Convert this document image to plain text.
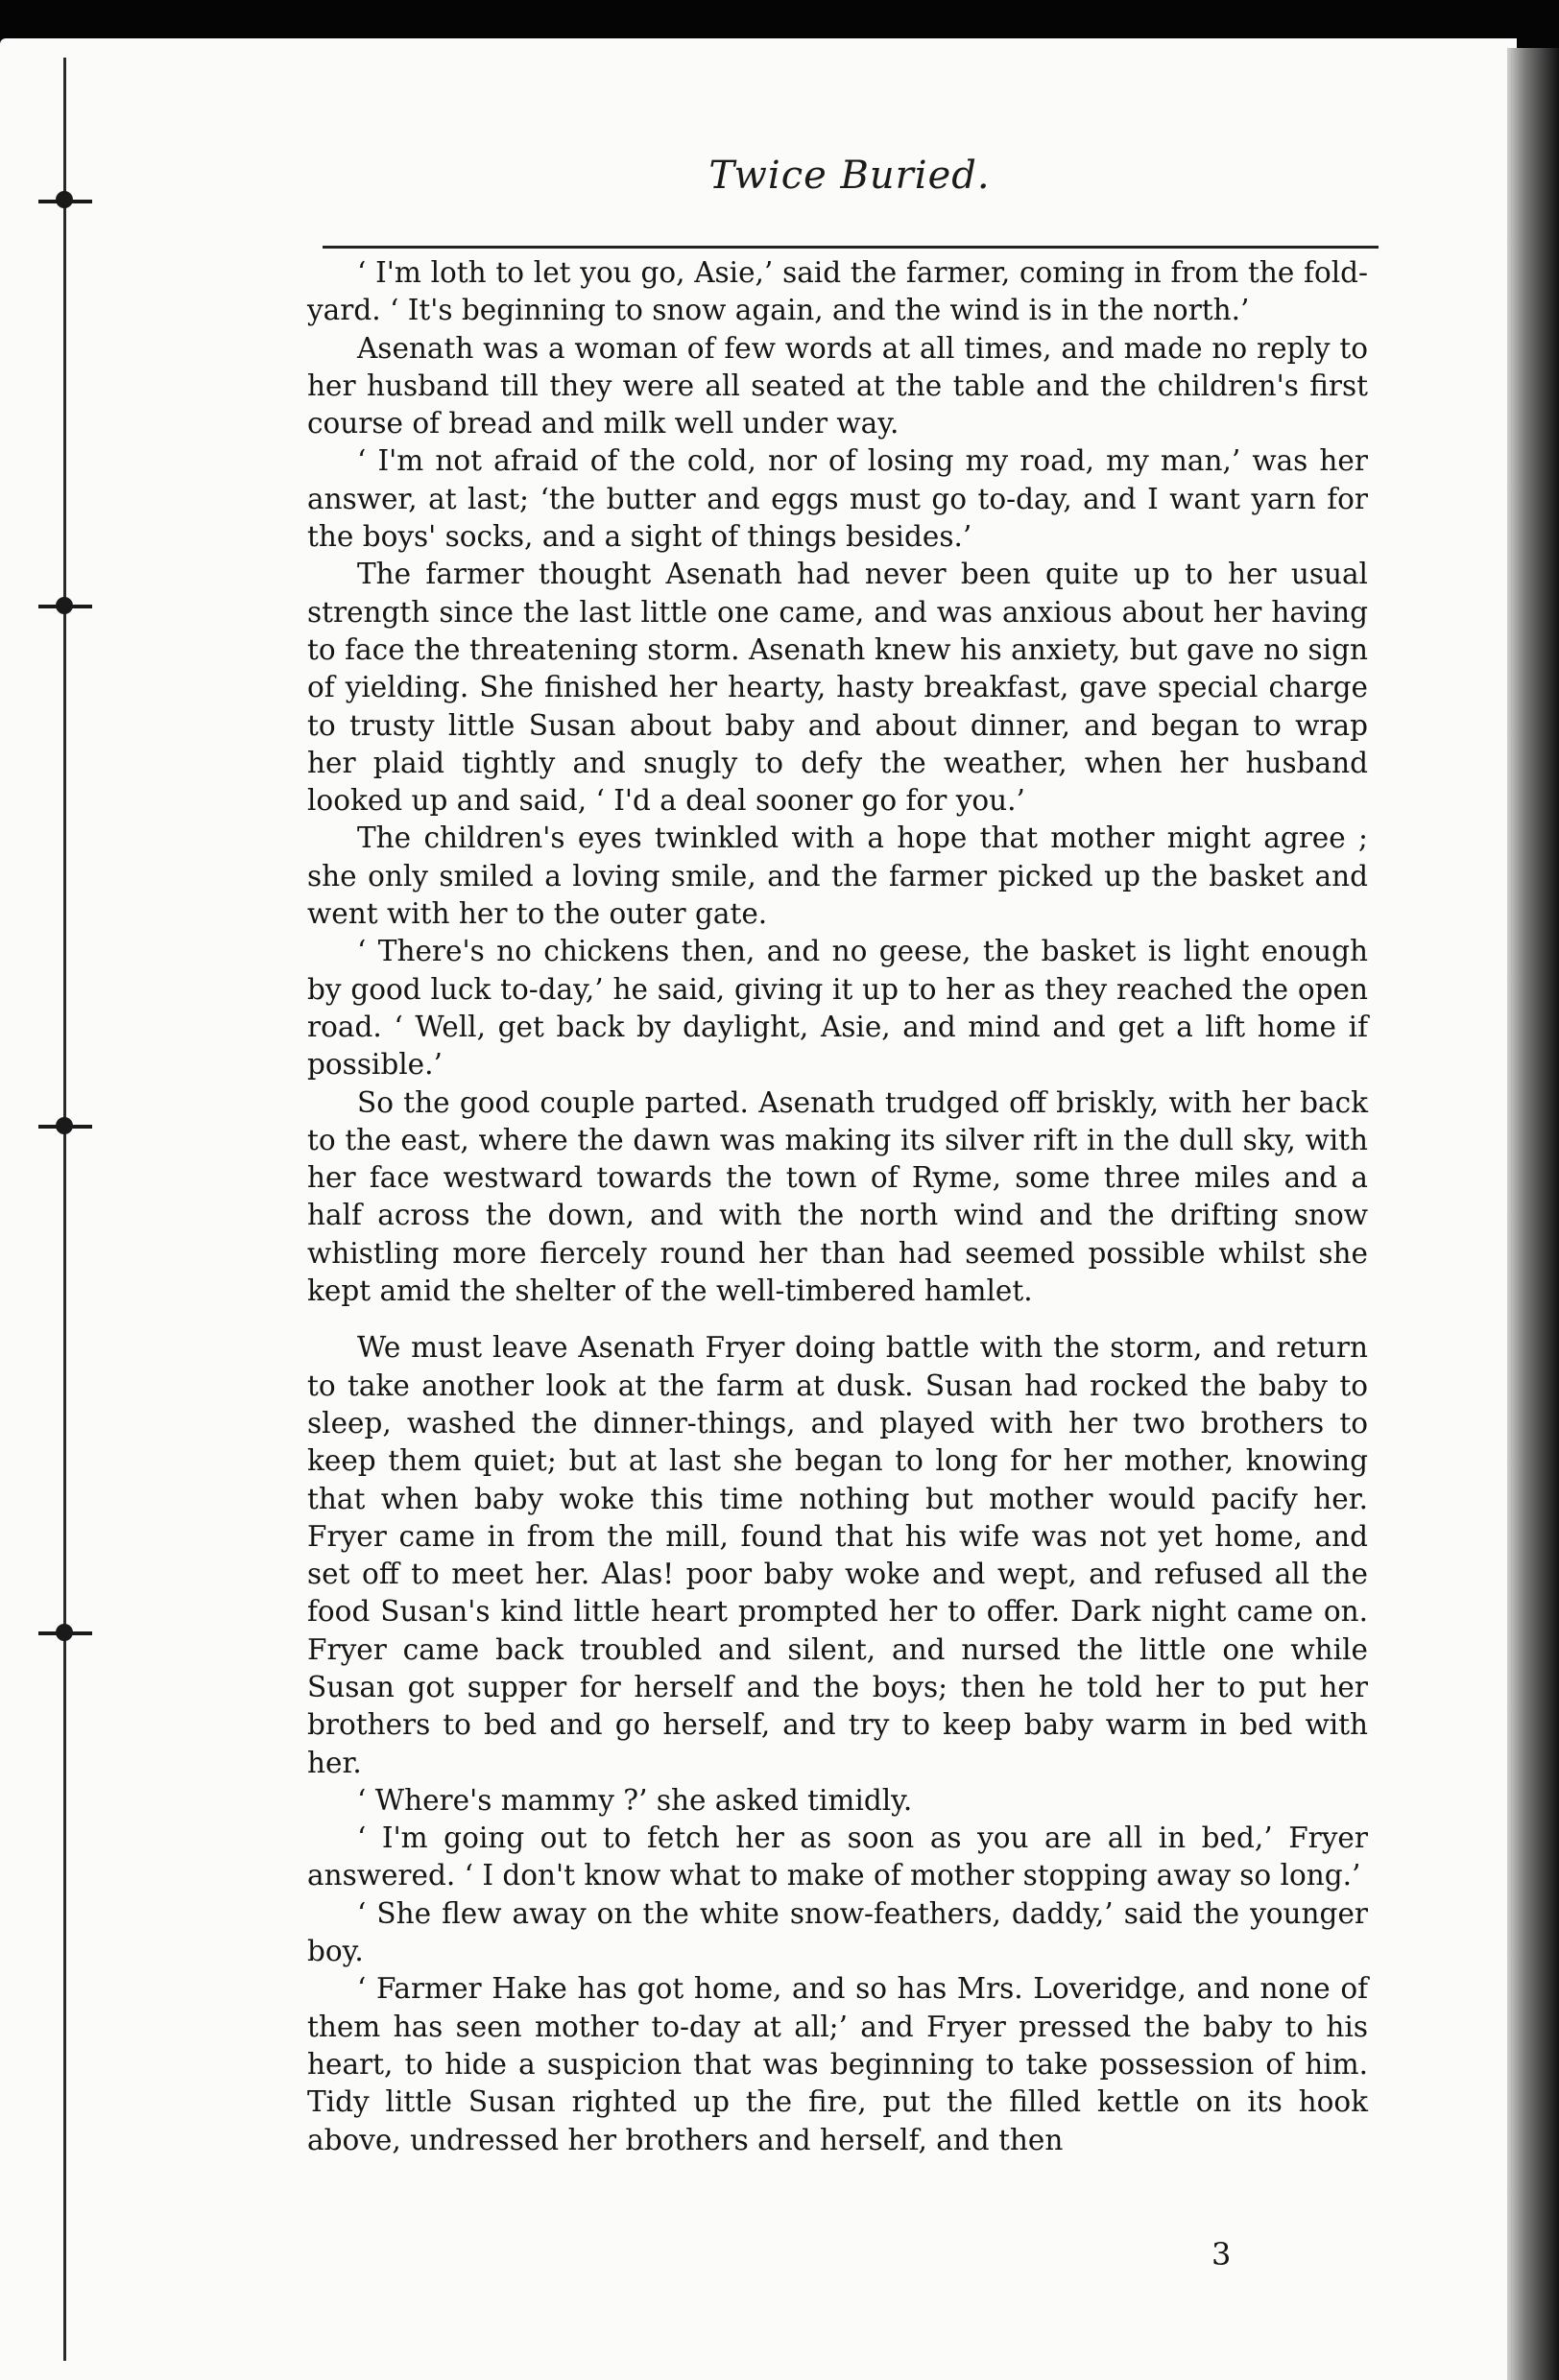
Twice Buried.

‘ I'm loth to let you go, Asie,’ said the farmer, coming in from the fold-yard. ‘ It's beginning to snow again, and the wind is in the north.’

Asenath was a woman of few words at all times, and made no reply to her husband till they were all seated at the table and the children's first course of bread and milk well under way.

‘ I'm not afraid of the cold, nor of losing my road, my man,’ was her answer, at last; ‘the butter and eggs must go to-day, and I want yarn for the boys' socks, and a sight of things besides.’

The farmer thought Asenath had never been quite up to her usual strength since the last little one came, and was anxious about her having to face the threatening storm. Asenath knew his anxiety, but gave no sign of yielding. She finished her hearty, hasty breakfast, gave special charge to trusty little Susan about baby and about dinner, and began to wrap her plaid tightly and snugly to defy the weather, when her husband looked up and said, ‘ I'd a deal sooner go for you.’

The children's eyes twinkled with a hope that mother might agree ; she only smiled a loving smile, and the farmer picked up the basket and went with her to the outer gate.

‘ There's no chickens then, and no geese, the basket is light enough by good luck to-day,’ he said, giving it up to her as they reached the open road. ‘ Well, get back by daylight, Asie, and mind and get a lift home if possible.’

So the good couple parted. Asenath trudged off briskly, with her back to the east, where the dawn was making its silver rift in the dull sky, with her face westward towards the town of Ryme, some three miles and a half across the down, and with the north wind and the drifting snow whistling more fiercely round her than had seemed possible whilst she kept amid the shelter of the well-timbered hamlet.

We must leave Asenath Fryer doing battle with the storm, and return to take another look at the farm at dusk. Susan had rocked the baby to sleep, washed the dinner-things, and played with her two brothers to keep them quiet; but at last she began to long for her mother, knowing that when baby woke this time nothing but mother would pacify her. Fryer came in from the mill, found that his wife was not yet home, and set off to meet her. Alas! poor baby woke and wept, and refused all the food Susan's kind little heart prompted her to offer. Dark night came on. Fryer came back troubled and silent, and nursed the little one while Susan got supper for herself and the boys; then he told her to put her brothers to bed and go herself, and try to keep baby warm in bed with her.

‘ Where's mammy ?’ she asked timidly.

‘ I'm going out to fetch her as soon as you are all in bed,’ Fryer answered. ‘ I don't know what to make of mother stopping away so long.’

‘ She flew away on the white snow-feathers, daddy,’ said the younger boy.

‘ Farmer Hake has got home, and so has Mrs. Loveridge, and none of them has seen mother to-day at all;’ and Fryer pressed the baby to his heart, to hide a suspicion that was beginning to take possession of him. Tidy little Susan righted up the fire, put the filled kettle on its hook above, undressed her brothers and herself, and then

3
